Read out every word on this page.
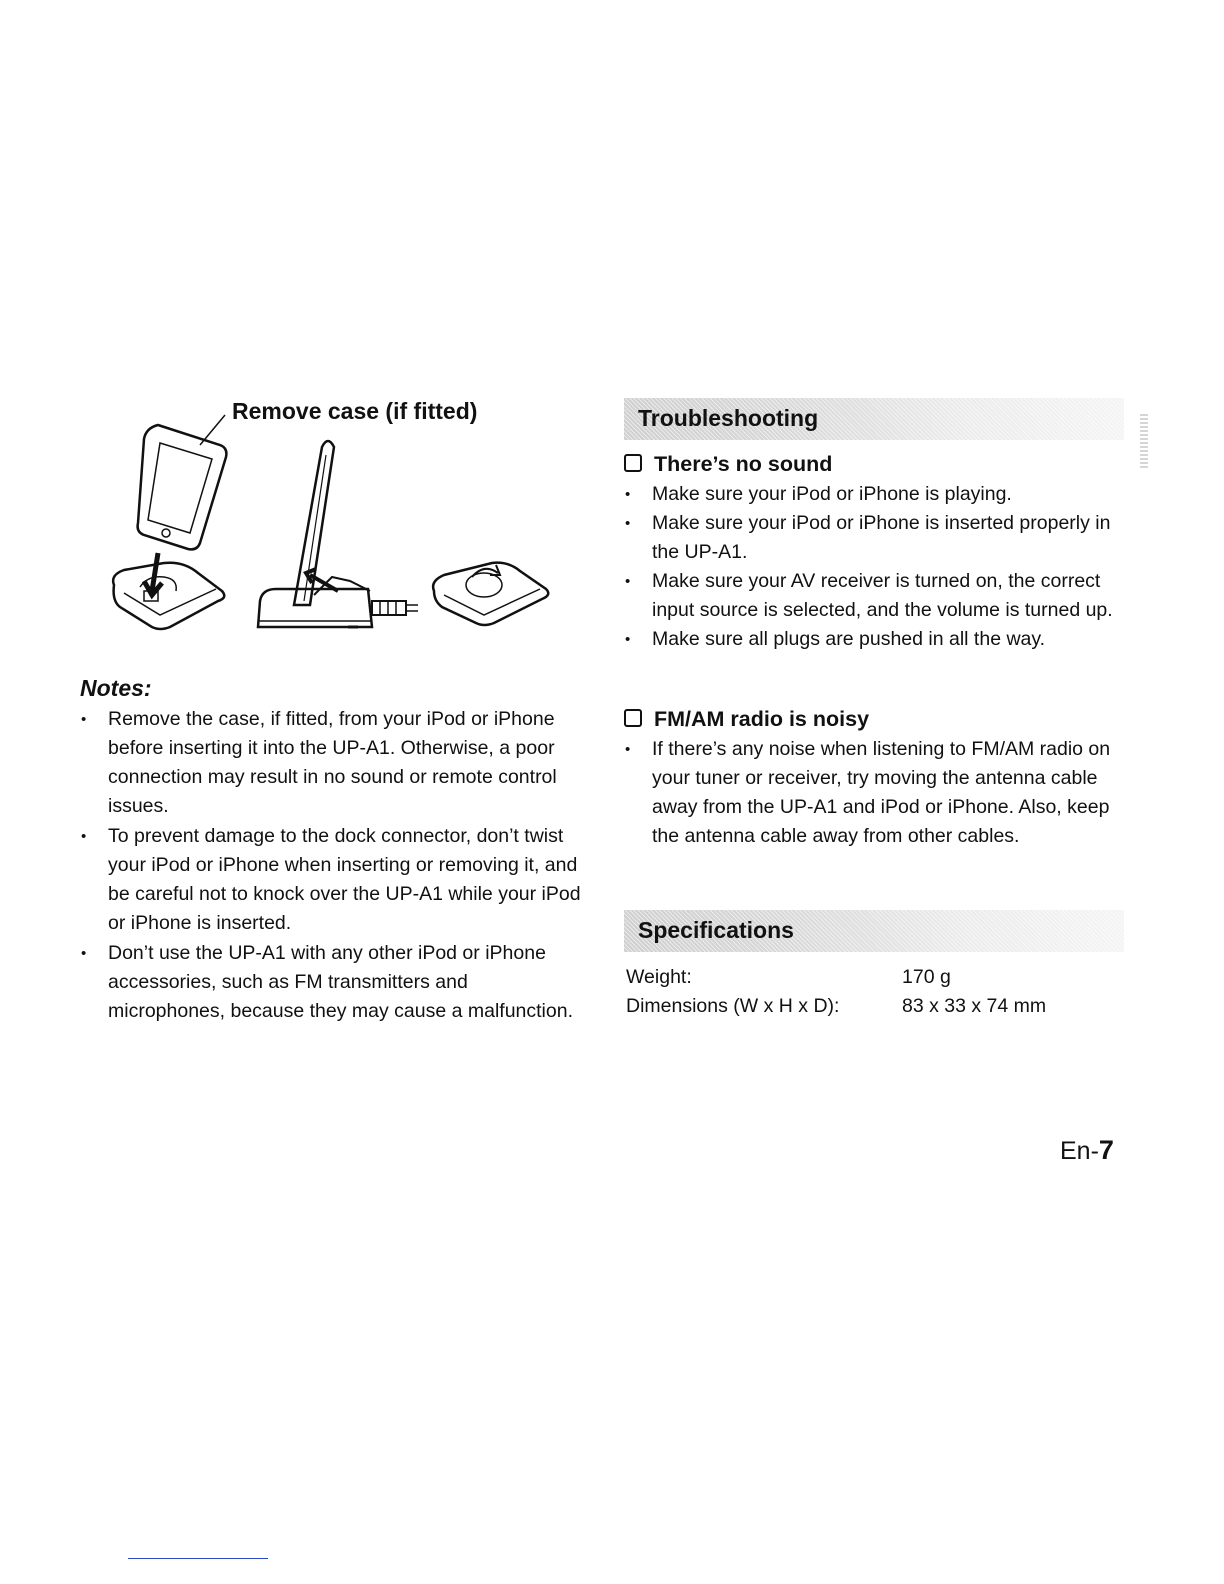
Remove case (if fitted)
Notes:
• Remove the case, if fitted, from your iPod or iPhone before inserting it into the UP-A1. Otherwise, a poor connection may result in no sound or remote control issues.
• To prevent damage to the dock connector, don’t twist your iPod or iPhone when inserting or removing it, and be careful not to knock over the UP-A1 while your iPod or iPhone is inserted.
• Don’t use the UP-A1 with any other iPod or iPhone accessories, such as FM transmitters and microphones, because they may cause a malfunction.
Troubleshooting
There’s no sound
• Make sure your iPod or iPhone is playing.
• Make sure your iPod or iPhone is inserted properly in the UP-A1.
• Make sure your AV receiver is turned on, the correct input source is selected, and the volume is turned up.
• Make sure all plugs are pushed in all the way.
FM/AM radio is noisy
• If there’s any noise when listening to FM/AM radio on your tuner or receiver, try moving the antenna cable away from the UP-A1 and iPod or iPhone. Also, keep the antenna cable away from other cables.
Specifications
Weight:	170 g
Dimensions (W x H x D):	83 x 33 x 74 mm
En-7
